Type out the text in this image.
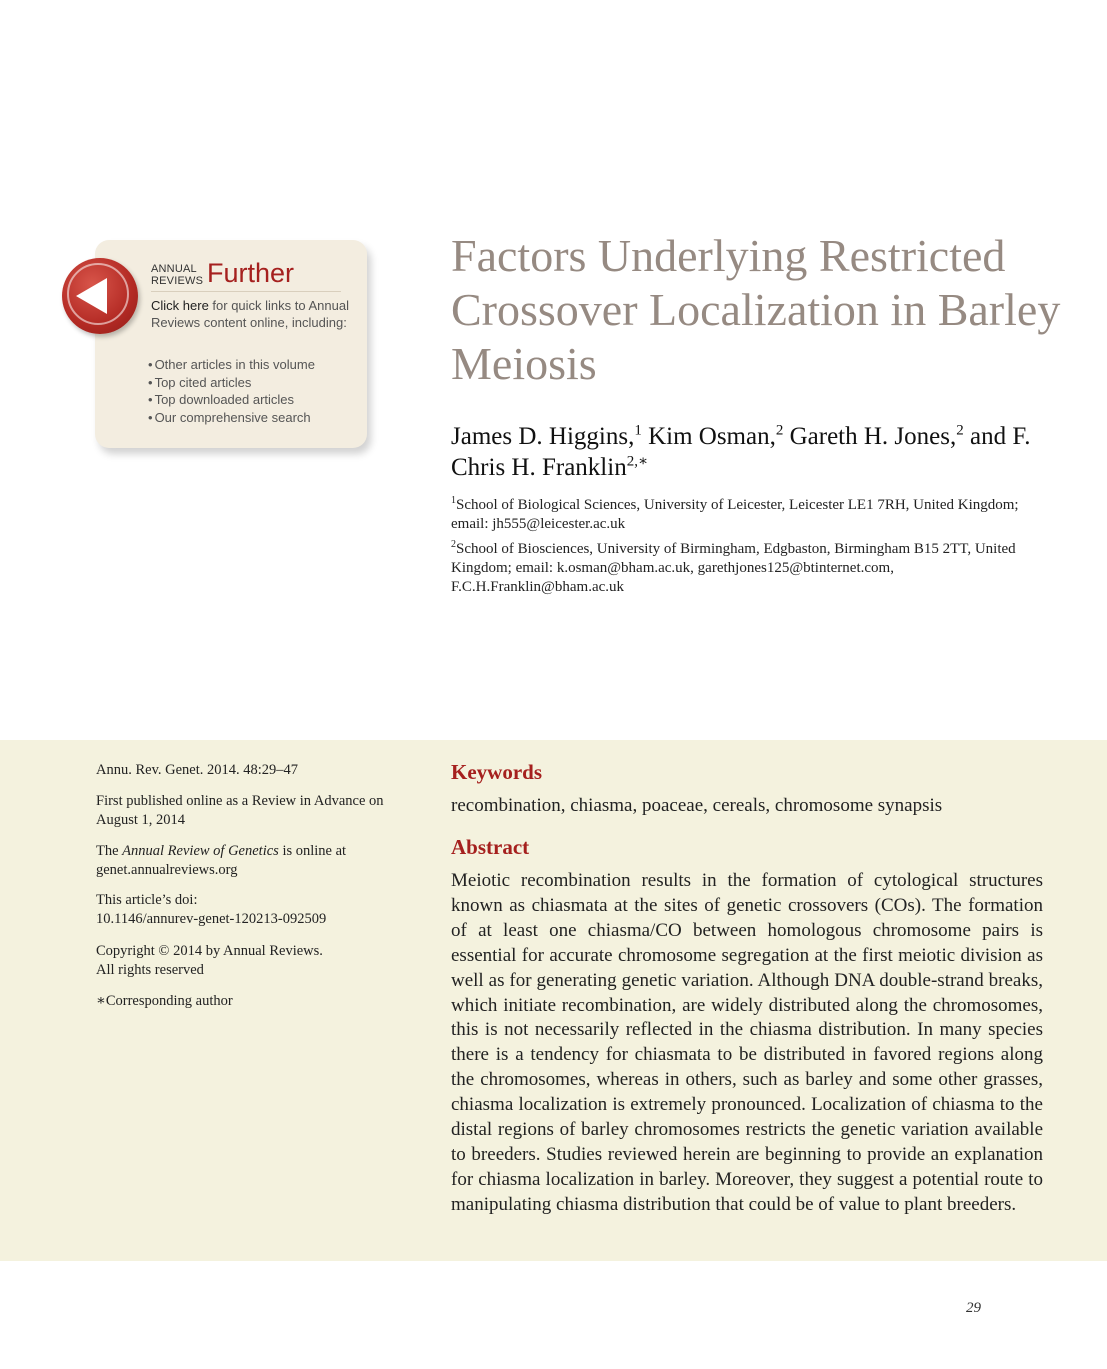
ANNUAL
REVIEWS Further
Click here for quick links to Annual Reviews content online, including:
• Other articles in this volume
• Top cited articles
• Top downloaded articles
• Our comprehensive search
Factors Underlying Restricted Crossover Localization in Barley Meiosis
James D. Higgins,$^1$ Kim Osman,$^2$ Gareth H. Jones,$^2$ and F. Chris H. Franklin$^{2,∗}$
$^1$School of Biological Sciences, University of Leicester, Leicester LE1 7RH, United Kingdom; email: jh555@leicester.ac.uk
$^2$School of Biosciences, University of Birmingham, Edgbaston, Birmingham B15 2TT, United Kingdom; email: k.osman@bham.ac.uk, garethjones125@btinternet.com, F.C.H.Franklin@bham.ac.uk
Annu. Rev. Genet. 2014. 48:29–47
First published online as a Review in Advance on August 1, 2014
The Annual Review of Genetics is online at genet.annualreviews.org
This article’s doi:
10.1146/annurev-genet-120213-092509
Copyright © 2014 by Annual Reviews.
All rights reserved
∗Corresponding author
Keywords
recombination, chiasma, poaceae, cereals, chromosome synapsis
Abstract

Meiotic recombination results in the formation of cytological structures known as chiasmata at the sites of genetic crossovers (COs). The formation of at least one chiasma/CO between homologous chromosome pairs is essential for accurate chromosome segregation at the first meiotic division as well as for generating genetic variation. Although DNA double-strand breaks, which initiate recombination, are widely distributed along the chromosomes, this is not necessarily reflected in the chiasma distribution. In many species there is a tendency for chiasmata to be distributed in favored regions along the chromosomes, whereas in others, such as barley and some other grasses, chiasma localization is extremely pronounced. Localization of chiasma to the distal regions of barley chromosomes restricts the genetic variation available to breeders. Studies reviewed herein are beginning to provide an explanation for chiasma localization in barley. Moreover, they suggest a potential route to manipulating chiasma distribution that could be of value to plant breeders.

29
